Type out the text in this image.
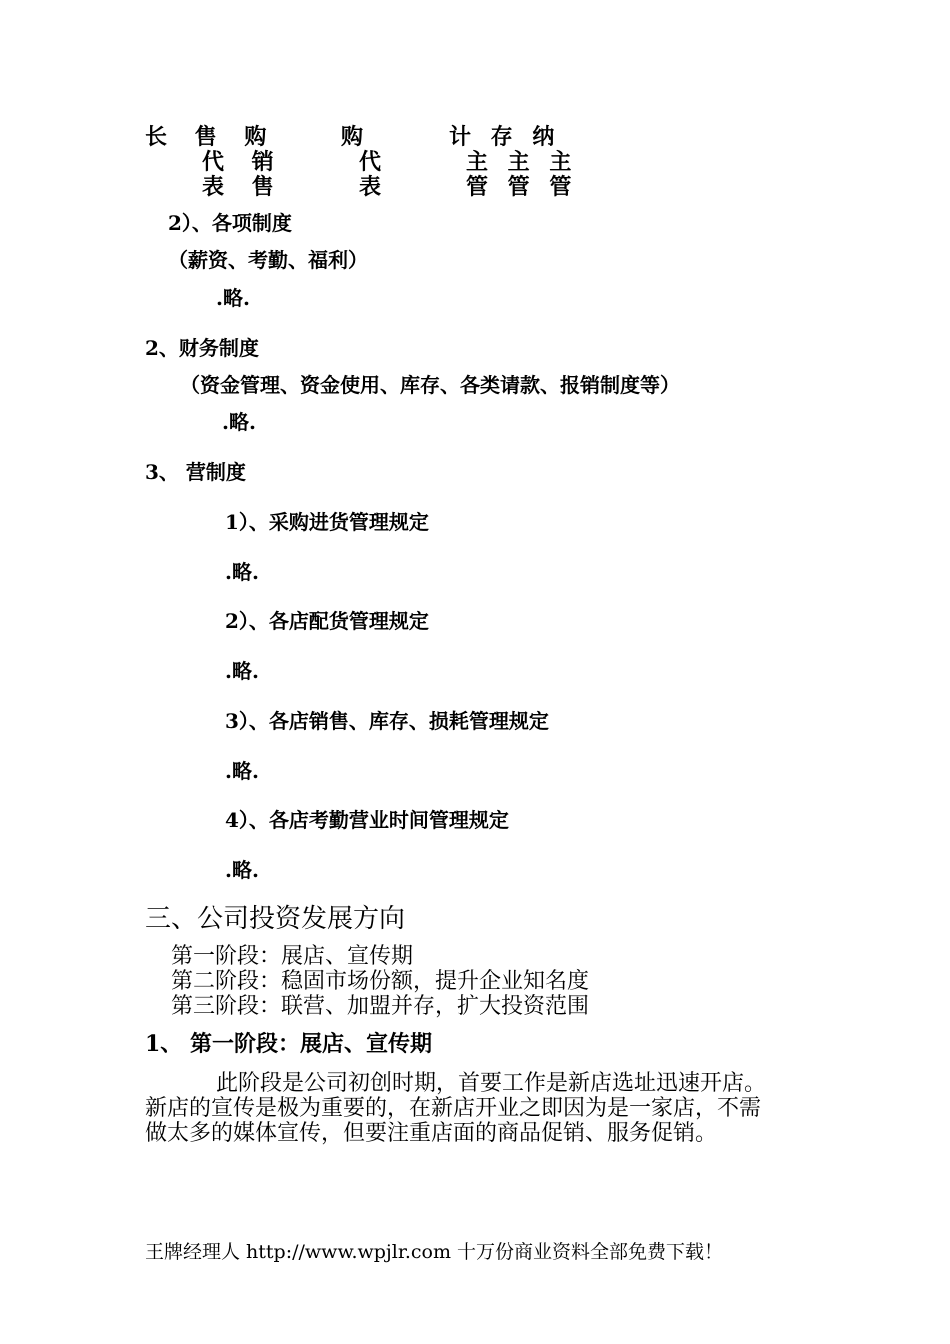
长 售 购	购	计 存 纳
代 销	代	主 主 主
表 售	表	管 管 管
2）、各项制度
（薪资、考勤、福利）
.略.
2、财务制度
（资金管理、资金使用、库存、各类请款、报销制度等）
.略.
3、 营制度
1）、采购进货管理规定
.略.
2）、各店配货管理规定
.略.
3）、各店销售、库存、损耗管理规定
.略.
4）、各店考勤营业时间管理规定
.略.
三、公司投资发展方向
第一阶段：展店、宣传期
第二阶段：稳固市场份额，提升企业知名度
第三阶段：联营、加盟并存，扩大投资范围
1、 第一阶段：展店、宣传期
此阶段是公司初创时期，首要工作是新店选址迅速开店。
新店的宣传是极为重要的，在新店开业之即因为是一家店，不需
做太多的媒体宣传，但要注重店面的商品促销、服务促销。
王牌经理人 http://www.wpjlr.com 十万份商业资料全部免费下载！
